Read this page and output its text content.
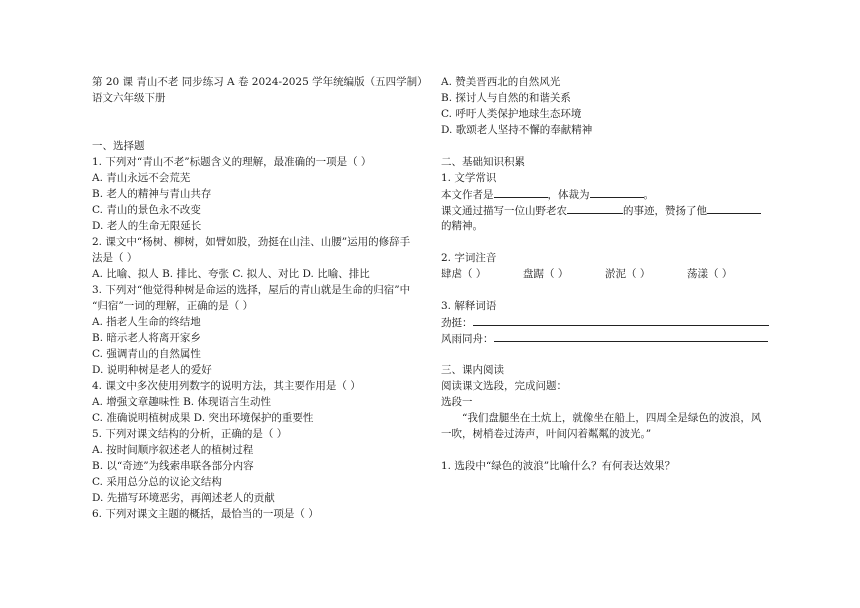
第 20 课 青山不老 同步练习 A 卷 2024-2025 学年统编版（五四学制）
语文六年级下册
一、选择题
1. 下列对“青山不老”标题含义的理解，最准确的一项是（ ）
A. 青山永远不会荒芜
B. 老人的精神与青山共存
C. 青山的景色永不改变
D. 老人的生命无限延长
2. 课文中“杨树、柳树，如臂如股，劲挺在山洼、山腰”运用的修辞手
法是（ ）
A. 比喻、拟人 B. 排比、夸张 C. 拟人、对比 D. 比喻、排比
3. 下列对“他觉得种树是命运的选择，屋后的青山就是生命的归宿”中
“归宿”一词的理解，正确的是（ ）
A. 指老人生命的终结地
B. 暗示老人将离开家乡
C. 强调青山的自然属性
D. 说明种树是老人的爱好
4. 课文中多次使用列数字的说明方法，其主要作用是（ ）
A. 增强文章趣味性 B. 体现语言生动性
C. 准确说明植树成果 D. 突出环境保护的重要性
5. 下列对课文结构的分析，正确的是（ ）
A. 按时间顺序叙述老人的植树过程
B. 以“奇迹”为线索串联各部分内容
C. 采用总分总的议论文结构
D. 先描写环境恶劣，再阐述老人的贡献
6. 下列对课文主题的概括，最恰当的一项是（ ）
A. 赞美晋西北的自然风光
B. 探讨人与自然的和谐关系
C. 呼吁人类保护地球生态环境
D. 歌颂老人坚持不懈的奉献精神
二、基础知识积累
1. 文学常识
本文作者是	，体裁为	。
课文通过描写一位山野老农	的事迹，赞扬了他
的精神。
2. 字词注音
肆虐（ ）	盘踞（ ）	淤泥（ ）	荡漾（ ）
3. 解释词语
劲挺：
风雨同舟：
三、课内阅读
阅读课文选段，完成问题：
选段一
“我们盘腿坐在土炕上，就像坐在船上，四周全是绿色的波浪，风一吹，树梢卷过涛声，叶间闪着粼粼的波光。”
1. 选段中“绿色的波浪”比喻什么？有何表达效果？
